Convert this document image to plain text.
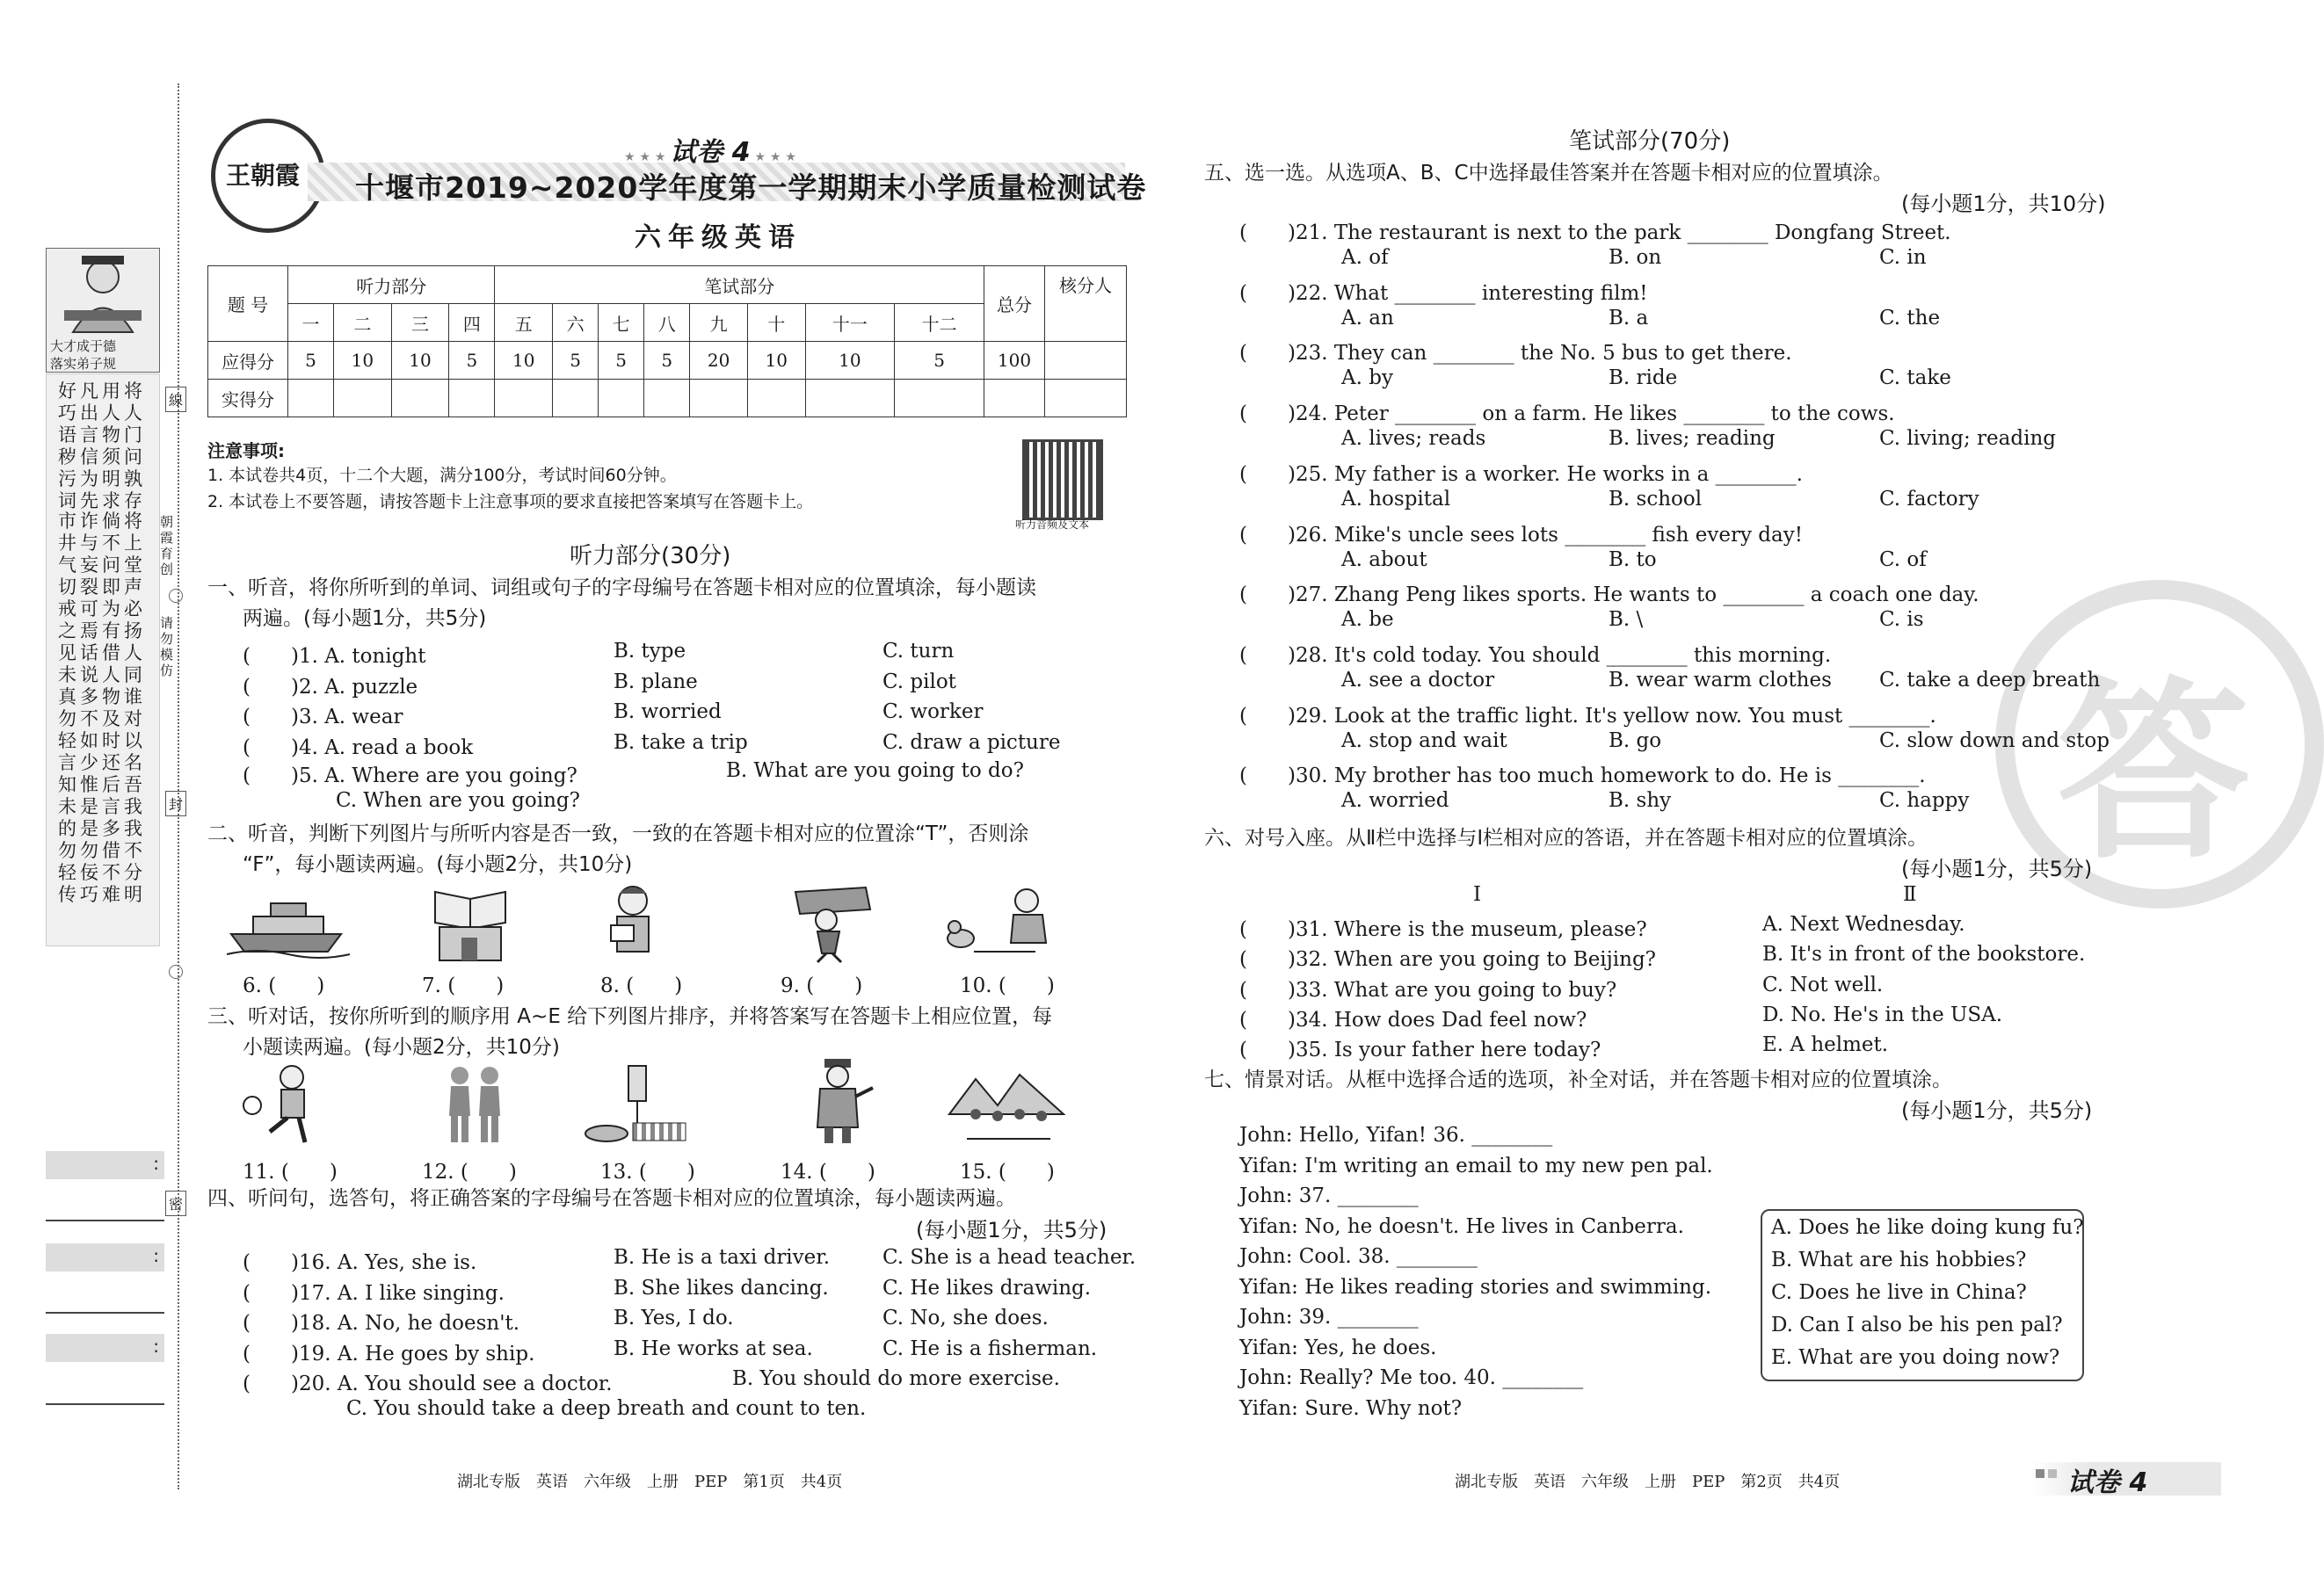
大才成于德
落实弟子规
好凡用将
巧出人人
语言物门
秽信须问
污为明孰
词先求存
市诈倘将
井与不上
气妄问堂
切裂即声
戒可为必
之焉有扬
见话借人
未说人同
真多物谁
勿不及对
轻如时以
言少还名
知惟后吾
未是言我
的是多我
勿勿借不
轻佞不分
传巧难明
線
封
密
朝霞育创
请勿模仿
:
:
:
王朝霞
★ ★ ★ 试卷 4 ★ ★ ★
十堰市2019~2020学年度第一学期期末小学质量检测试卷
六年级英语
题 号	听力部分				笔试部分								总分	核分人
	一	二	三	四	五	六	七	八	九	十	十一	十二		
应得分	5	10	10	5	10	5	5	5	20	10	10	5	100	
实得分														
注意事项:
1. 本试卷共4页，十二个大题，满分100分，考试时间60分钟。
2. 本试卷上不要答题，请按答题卡上注意事项的要求直接把答案填写在答题卡上。
听力音频及文本
听力部分(30分)
一、听音，将你所听到的单词、词组或句子的字母编号在答题卡相对应的位置填涂，每小题读
两遍。(每小题1分，共5分)
(　　)1. A. tonight	B. type	C. turn
(　　)2. A. puzzle	B. plane	C. pilot
(　　)3. A. wear	B. worried	C. worker
(　　)4. A. read a book	B. take a trip	C. draw a picture
(　　)5. A. Where are you going?	B. What are you going to do?
C. When are you going?
二、听音，判断下列图片与所听内容是否一致，一致的在答题卡相对应的位置涂“T”，否则涂
“F”，每小题读两遍。(每小题2分，共10分)
6. (　　)	7. (　　)	8. (　　)	9. (　　)	10. (　　)
三、听对话，按你所听到的顺序用 A~E 给下列图片排序，并将答案写在答题卡上相应位置，每
小题读两遍。(每小题2分，共10分)
11. (　　)	12. (　　)	13. (　　)	14. (　　)	15. (　　)
四、听问句，选答句，将正确答案的字母编号在答题卡相对应的位置填涂，每小题读两遍。
(每小题1分，共5分)
(　　)16. A. Yes, she is.	B. He is a taxi driver.	C. She is a head teacher.
(　　)17. A. I like singing.	B. She likes dancing.	C. He likes drawing.
(　　)18. A. No, he doesn't.	B. Yes, I do.	C. No, she does.
(　　)19. A. He goes by ship.	B. He works at sea.	C. He is a fisherman.
(　　)20. A. You should see a doctor.	B. You should do more exercise.
C. You should take a deep breath and count to ten.
答
笔试部分(70分)
五、选一选。从选项A、B、C中选择最佳答案并在答题卡相对应的位置填涂。
(每小题1分，共10分)
(　　)21. The restaurant is next to the park ________ Dongfang Street.
A. of	B. on	C. in
(　　)22. What ________ interesting film!
A. an	B. a	C. the
(　　)23. They can ________ the No. 5 bus to get there.
A. by	B. ride	C. take
(　　)24. Peter ________ on a farm. He likes ________ to the cows.
A. lives; reads	B. lives; reading	C. living; reading
(　　)25. My father is a worker. He works in a ________.
A. hospital	B. school	C. factory
(　　)26. Mike's uncle sees lots ________ fish every day!
A. about	B. to	C. of
(　　)27. Zhang Peng likes sports. He wants to ________ a coach one day.
A. be	B. \	C. is
(　　)28. It's cold today. You should ________ this morning.
A. see a doctor	B. wear warm clothes C. take a deep breath
(　　)29. Look at the traffic light. It's yellow now. You must ________.
A. stop and wait	B. go	C. slow down and stop
(　　)30. My brother has too much homework to do. He is ________.
A. worried	B. shy	C. happy
六、对号入座。从Ⅱ栏中选择与Ⅰ栏相对应的答语，并在答题卡相对应的位置填涂。
(每小题1分，共5分)
Ⅰ	Ⅱ
(　　)31. Where is the museum, please?	A. Next Wednesday.
(　　)32. When are you going to Beijing?	B. It's in front of the bookstore.
(　　)33. What are you going to buy?	C. Not well.
(　　)34. How does Dad feel now?	D. No. He's in the USA.
(　　)35. Is your father here today?	E. A helmet.
七、情景对话。从框中选择合适的选项，补全对话，并在答题卡相对应的位置填涂。
(每小题1分，共5分)
John: Hello, Yifan! 36. ________
Yifan: I'm writing an email to my new pen pal.
John: 37. ________
Yifan: No, he doesn't. He lives in Canberra.
John: Cool. 38. ________
Yifan: He likes reading stories and swimming.
John: 39. ________
Yifan: Yes, he does.
John: Really? Me too. 40. ________
Yifan: Sure. Why not?
A. Does he like doing kung fu?
B. What are his hobbies?
C. Does he live in China?
D. Can I also be his pen pal?
E. What are you doing now?
湖北专版　英语　六年级　上册　PEP　第1页　共4页	湖北专版　英语　六年级　上册　PEP　第2页　共4页	试卷 4
